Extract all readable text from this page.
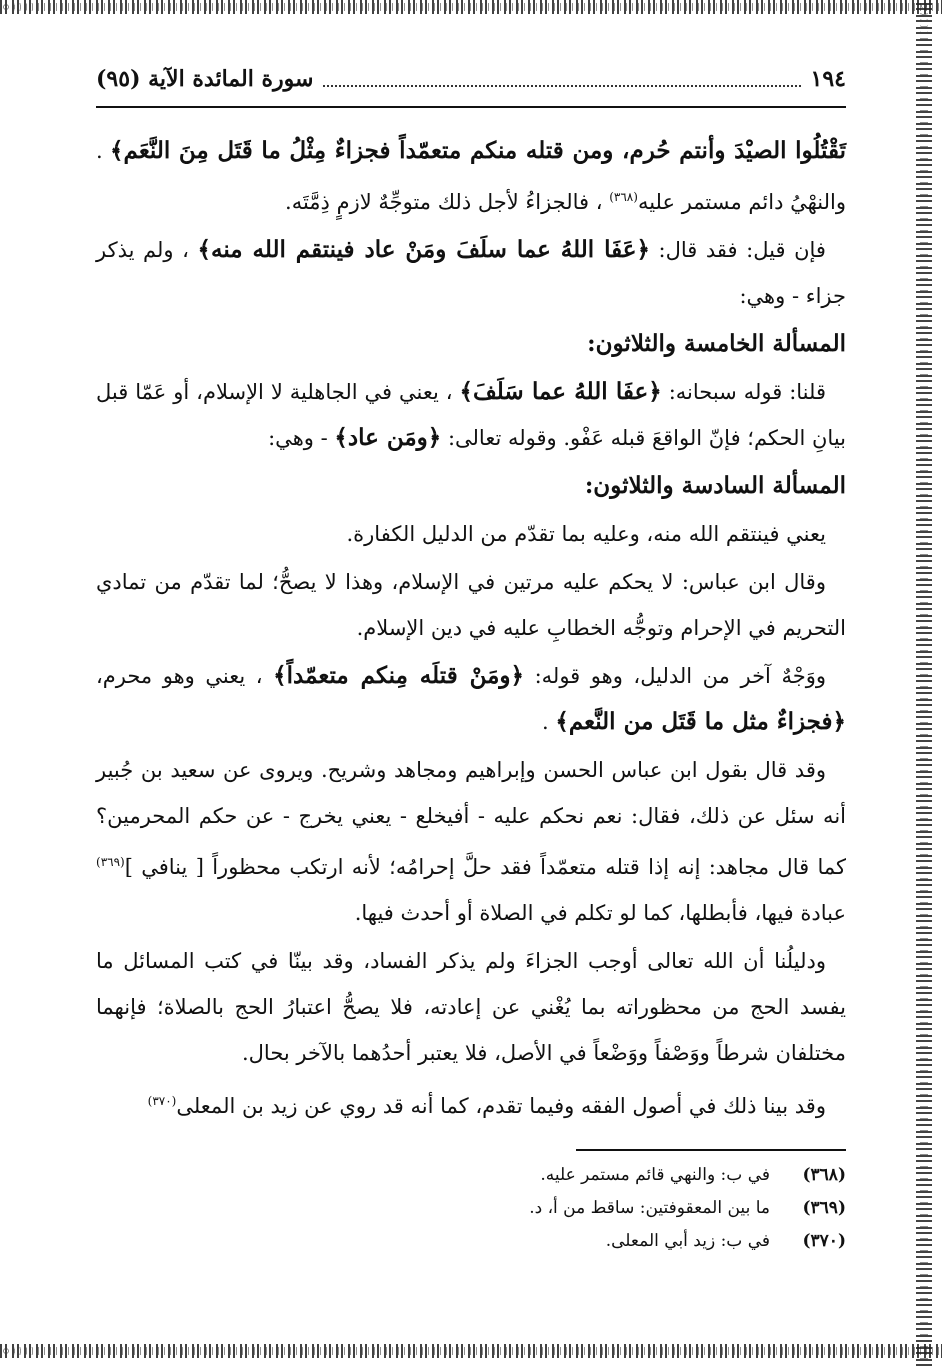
١٩٤
سورة المائدة الآية (٩٥)

تَقْتُلُوا الصيْدَ وأنتم حُرم، ومن قتله منكم متعمّداً فجزاءٌ مِثْلُ ما قَتَل مِنَ النَّعَم﴾ . والنهْيُ دائم مستمر عليه$^{(٣٦٨)}$ ، فالجزاءُ لأجل ذلك متوجِّهٌ لازمٍ ذِمَّتَه.

فإن قيل: فقد قال: ﴿عَفَا اللهُ عما سلَفَ ومَنْ عاد فينتقم الله منه﴾ ، ولم يذكر جزاء - وهي:

المسألة الخامسة والثلاثون:

قلنا: قوله سبحانه: ﴿عفَا اللهُ عما سَلَفَ﴾ ، يعني في الجاهلية لا الإسلام، أو عَمّا قبل بيانِ الحكم؛ فإنّ الواقعَ قبله عَفْو. وقوله تعالى: ﴿ومَن عاد﴾ - وهي:

المسألة السادسة والثلاثون:

يعني فينتقم الله منه، وعليه بما تقدّم من الدليل الكفارة.

وقال ابن عباس: لا يحكم عليه مرتين في الإسلام، وهذا لا يصحُّ؛ لما تقدّم من تمادي التحريم في الإحرام وتوجُّه الخطابِ عليه في دين الإسلام.

ووَجْهٌ آخر من الدليل، وهو قوله: ﴿ومَنْ قتلَه مِنكم متعمّداً﴾ ، يعني وهو محرم، ﴿فجزاءٌ مثل ما قَتَل من النَّعم﴾ .

وقد قال بقول ابن عباس الحسن وإبراهيم ومجاهد وشريح. ويروى عن سعيد بن جُبير أنه سئل عن ذلك، فقال: نعم نحكم عليه - أفيخلع - يعني يخرج - عن حكم المحرمين؟ كما قال مجاهد: إنه إذا قتله متعمّداً فقد حلَّ إحرامُه؛ لأنه ارتكب محظوراً [ ينافي ]$^{(٣٦٩)}$ عبادة فيها، فأبطلها، كما لو تكلم في الصلاة أو أحدث فيها.

ودليلُنا أن الله تعالى أوجب الجزاءَ ولم يذكر الفساد، وقد بينّا في كتب المسائل ما يفسد الحج من محظوراته بما يُغْني عن إعادته، فلا يصحُّ اعتبارُ الحج بالصلاة؛ فإنهما مختلفان شرطاً ووَصْفاً ووَضْعاً في الأصل، فلا يعتبر أحدُهما بالآخر بحال.

وقد بينا ذلك في أصول الفقه وفيما تقدم، كما أنه قد روي عن زيد بن المعلى$^{(٣٧٠)}$

(٣٦٨)
في ب: والنهي قائم مستمر عليه.
(٣٦٩)
ما بين المعقوفتين: ساقط من أ، د.
(٣٧٠)
في ب: زيد أبي المعلى.
